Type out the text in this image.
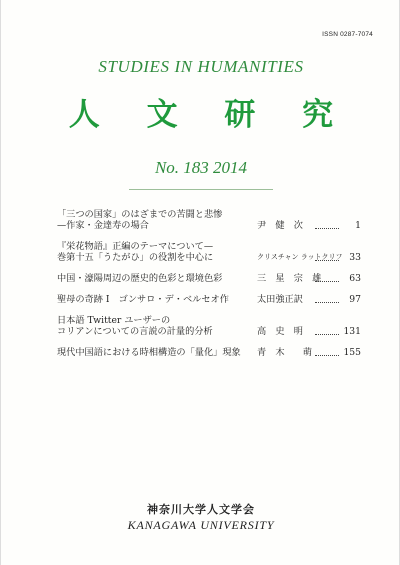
ISSN 0287-7074
STUDIES IN HUMANITIES
人 文 研 究
No. 183 2014
「三つの国家」のはざまでの苦闘と悲惨
—作家・金達寿の場合	尹　健　次	1
『栄花物語』正編のテーマについて—
巻第十五「うたがひ」の役割を中心に	クリスチャン ラットクリフ 33
中国・濠陽周辺の歴史的色彩と環境色彩	三　星　宗　雄	63
聖母の奇跡 I　ゴンサロ・デ・ベルセオ作	太田強正訳	97
日本語 Twitter ユーザーの
コリアンについての言説の計量的分析	高　史　明	131
現代中国語における時相構造の「量化」現象	青　木　　萌	155
神奈川大学人文学会
KANAGAWA UNIVERSITY
